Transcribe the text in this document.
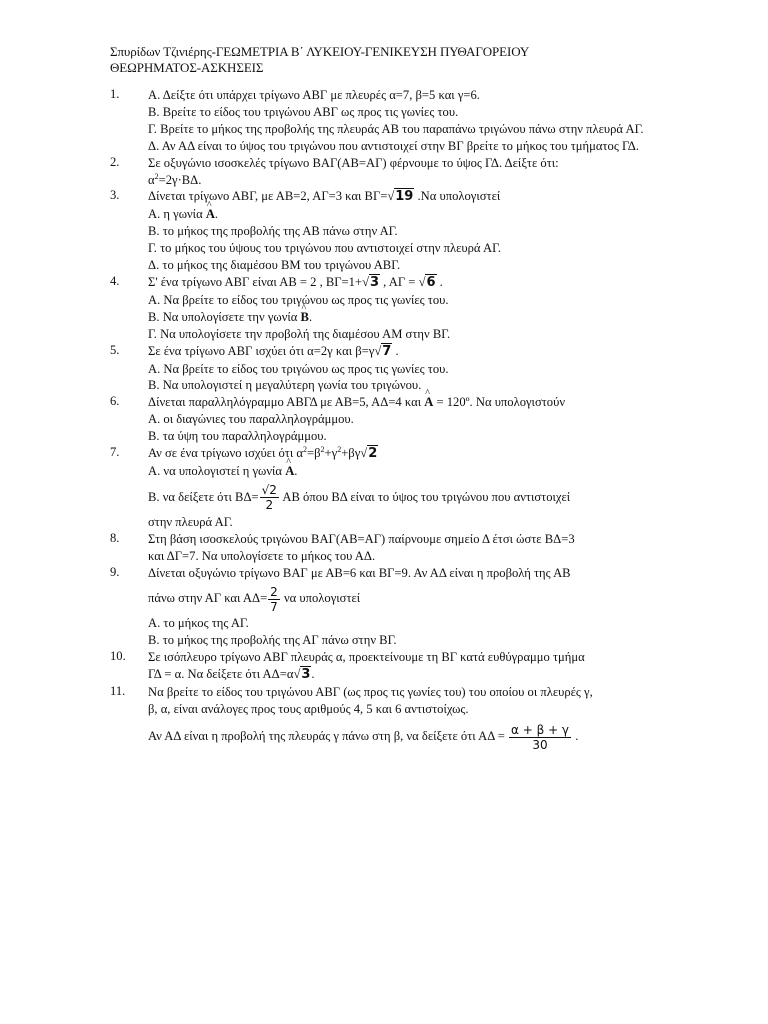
Σπυρίδων Τζινιέρης-ΓΕΩΜΕΤΡΙΑ Β΄ ΛΥΚΕΙΟΥ-ΓΕΝΙΚΕΥΣΗ ΠΥΘΑΓΟΡΕΙΟΥ
ΘΕΩΡΗΜΑΤΟΣ-ΑΣΚΗΣΕΙΣ
1. Α. Δείξτε ότι υπάρχει τρίγωνο ΑΒΓ με πλευρές α=7, β=5 και γ=6.
Β. Βρείτε το είδος του τριγώνου ΑΒΓ ως προς τις γωνίες του.
Γ. Βρείτε το μήκος της προβολής της πλευράς ΑΒ του παραπάνω τριγώνου πάνω στην πλευρά ΑΓ.
Δ. Αν ΑΔ είναι το ύψος του τριγώνου που αντιστοιχεί στην ΒΓ βρείτε το μήκος του τμήματος ΓΔ.
2. Σε οξυγώνιο ισοσκελές τρίγωνο ΒΑΓ(ΑΒ=ΑΓ) φέρνουμε το ύψος ΓΔ. Δείξτε ότι:
$\alpha^2=2\gamma\cdot B\Delta$.
3. Δίνεται τρίγωνο ΑΒΓ, με ΑΒ=2, ΑΓ=3 και ΒΓ=√19 .Να υπολογιστεί
Α. η γωνία ^ Α.
Β. το μήκος της προβολής της ΑΒ πάνω στην ΑΓ.
Γ. το μήκος του ύψους του τριγώνου που αντιστοιχεί στην πλευρά ΑΓ.
Δ. το μήκος της διαμέσου ΒΜ του τριγώνου ΑΒΓ.
4. Σ' ένα τρίγωνο ΑΒΓ είναι ΑΒ = 2 , ΒΓ=1+√3 , ΑΓ = √6 .
Α. Να βρείτε το είδος του τριγώνου ως προς τις γωνίες του.
Β. Να υπολογίσετε την γωνία ^ Β.
Γ. Να υπολογίσετε την προβολή της διαμέσου ΑΜ στην ΒΓ.
5. Σε ένα τρίγωνο ΑΒΓ ισχύει ότι α=2γ και β=γ√7 .
Α. Να βρείτε το είδος του τριγώνου ως προς τις γωνίες του.
Β. Να υπολογιστεί η μεγαλύτερη γωνία του τριγώνου.
6. Δίνεται παραλληλόγραμμο ΑΒΓΔ με ΑΒ=5, ΑΔ=4 και ^ Α = 120º. Να υπολογιστούν
Α. οι διαγώνιες του παραλληλογράμμου.
Β. τα ύψη του παραλληλογράμμου.
7. Αν σε ένα τρίγωνο ισχύει ότι $\alpha^2=\beta^2+\gamma^2+\beta\gamma√2$
Α. να υπολογιστεί η γωνία ^ Α.
Β. να δείξετε ότι $B\Delta= \frac{√2}{2}$ ΑΒ όπου ΒΔ είναι το ύψος του τριγώνου που αντιστοιχεί
στην πλευρά ΑΓ.
8. Στη βάση ισοσκελούς τριγώνου ΒΑΓ(ΑΒ=ΑΓ) παίρνουμε σημείο Δ έτσι ώστε ΒΔ=3
και ΔΓ=7. Να υπολογίσετε το μήκος του ΑΔ.
9. Δίνεται οξυγώνιο τρίγωνο ΒΑΓ με ΑΒ=6 και ΒΓ=9. Αν ΑΔ είναι η προβολή της ΑΒ
πάνω στην ΑΓ και $A\Delta= \frac{2}{7}$ να υπολογιστεί
Α. το μήκος της ΑΓ.
Β. το μήκος της προβολής της ΑΓ πάνω στην ΒΓ.
10. Σε ισόπλευρο τρίγωνο ΑΒΓ πλευράς α, προεκτείνουμε τη ΒΓ κατά ευθύγραμμο τμήμα
ΓΔ = α. Να δείξετε ότι ΑΔ=α√3.
11. Να βρείτε το είδος του τριγώνου ΑΒΓ (ως προς τις γωνίες του) του οποίου οι πλευρές γ,
β, α, είναι ανάλογες προς τους αριθμούς 4, 5 και 6 αντιστοίχως.
Αν ΑΔ είναι η προβολή της πλευράς γ πάνω στη β, να δείξετε ότι $A\Delta = \frac{\alpha + \beta + \gamma}{30}$ .
